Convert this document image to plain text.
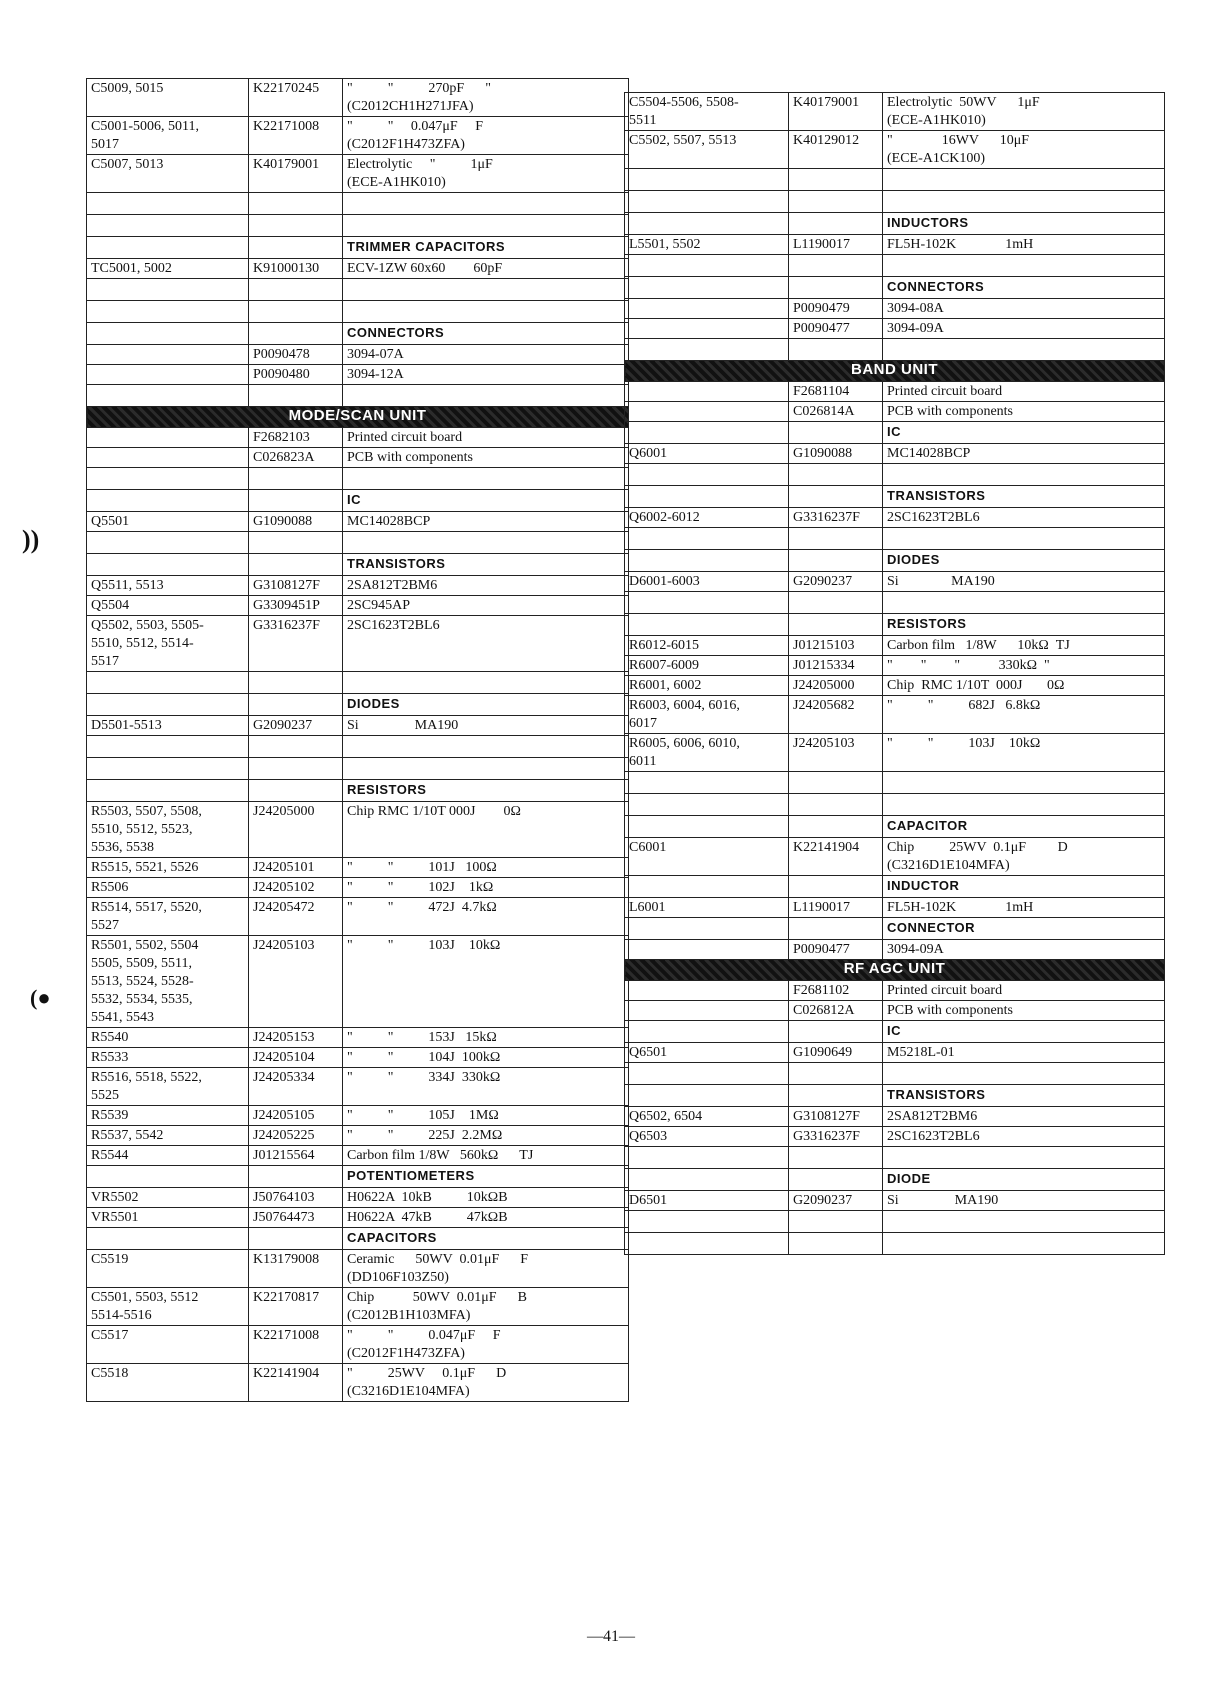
C5009, 5015	K22170245	"          "          270pF      "
(C2012CH1H271JFA)
C5001-5006, 5011,
5017	K22171008	"          "     0.047μF     F
(C2012F1H473ZFA)
C5007, 5013	K40179001	Electrolytic     "          1μF
(ECE-A1HK010)

		TRIMMER CAPACITORS
TC5001, 5002	K91000130	ECV-1ZW 60x60        60pF

		CONNECTORS
	P0090478	3094-07A
	P0090480	3094-12A

MODE/SCAN UNIT		
	F2682103	Printed circuit board
	C026823A	PCB with components

		IC
Q5501	G1090088	MC14028BCP

		TRANSISTORS
Q5511, 5513	G3108127F	2SA812T2BM6
Q5504	G3309451P	2SC945AP
Q5502, 5503, 5505-
5510, 5512, 5514-
5517	G3316237F	2SC1623T2BL6

		DIODES
D5501-5513	G2090237	Si                MA190

		RESISTORS
R5503, 5507, 5508,
5510, 5512, 5523,
5536, 5538	J24205000	Chip RMC 1/10T 000J        0Ω
R5515, 5521, 5526	J24205101	"          "          101J   100Ω
R5506	J24205102	"          "          102J    1kΩ
R5514, 5517, 5520,
5527	J24205472	"          "          472J  4.7kΩ
R5501, 5502, 5504
5505, 5509, 5511,
5513, 5524, 5528-
5532, 5534, 5535,
5541, 5543	J24205103	"          "          103J    10kΩ
R5540	J24205153	"          "          153J   15kΩ
R5533	J24205104	"          "          104J  100kΩ
R5516, 5518, 5522,
5525	J24205334	"          "          334J  330kΩ
R5539	J24205105	"          "          105J    1MΩ
R5537, 5542	J24205225	"          "          225J  2.2MΩ
R5544	J01215564	Carbon film 1/8W   560kΩ      TJ
		POTENTIOMETERS
VR5502	J50764103	H0622A  10kB          10kΩB
VR5501	J50764473	H0622A  47kB          47kΩB
		CAPACITORS
C5519	K13179008	Ceramic      50WV  0.01μF      F
(DD106F103Z50)
C5501, 5503, 5512
5514-5516	K22170817	Chip           50WV  0.01μF      B
(C2012B1H103MFA)
C5517	K22171008	"          "          0.047μF     F
(C2012F1H473ZFA)
C5518	K22141904	"          25WV     0.1μF      D
(C3216D1E104MFA)
C5504-5506, 5508-
5511	K40179001	Electrolytic  50WV      1μF
(ECE-A1HK010)
C5502, 5507, 5513	K40129012	"              16WV      10μF
(ECE-A1CK100)

		INDUCTORS
L5501, 5502	L1190017	FL5H-102K              1mH

		CONNECTORS
	P0090479	3094-08A
	P0090477	3094-09A

BAND UNIT		
	F2681104	Printed circuit board
	C026814A	PCB with components
		IC
Q6001	G1090088	MC14028BCP

		TRANSISTORS
Q6002-6012	G3316237F	2SC1623T2BL6

		DIODES
D6001-6003	G2090237	Si               MA190

		RESISTORS
R6012-6015	J01215103	Carbon film   1/8W      10kΩ  TJ
R6007-6009	J01215334	"        "        "           330kΩ  "
R6001, 6002	J24205000	Chip  RMC 1/10T  000J       0Ω
R6003, 6004, 6016,
6017	J24205682	"          "          682J   6.8kΩ
R6005, 6006, 6010,
6011	J24205103	"          "          103J    10kΩ

		CAPACITOR
C6001	K22141904	Chip          25WV  0.1μF         D
(C3216D1E104MFA)
		INDUCTOR
L6001	L1190017	FL5H-102K              1mH
		CONNECTOR
	P0090477	3094-09A
RF AGC UNIT		
	F2681102	Printed circuit board
	C026812A	PCB with components
		IC
Q6501	G1090649	M5218L-01

		TRANSISTORS
Q6502, 6504	G3108127F	2SA812T2BM6
Q6503	G3316237F	2SC1623T2BL6

		DIODE
D6501	G2090237	Si                MA190

))
(●
—41—
